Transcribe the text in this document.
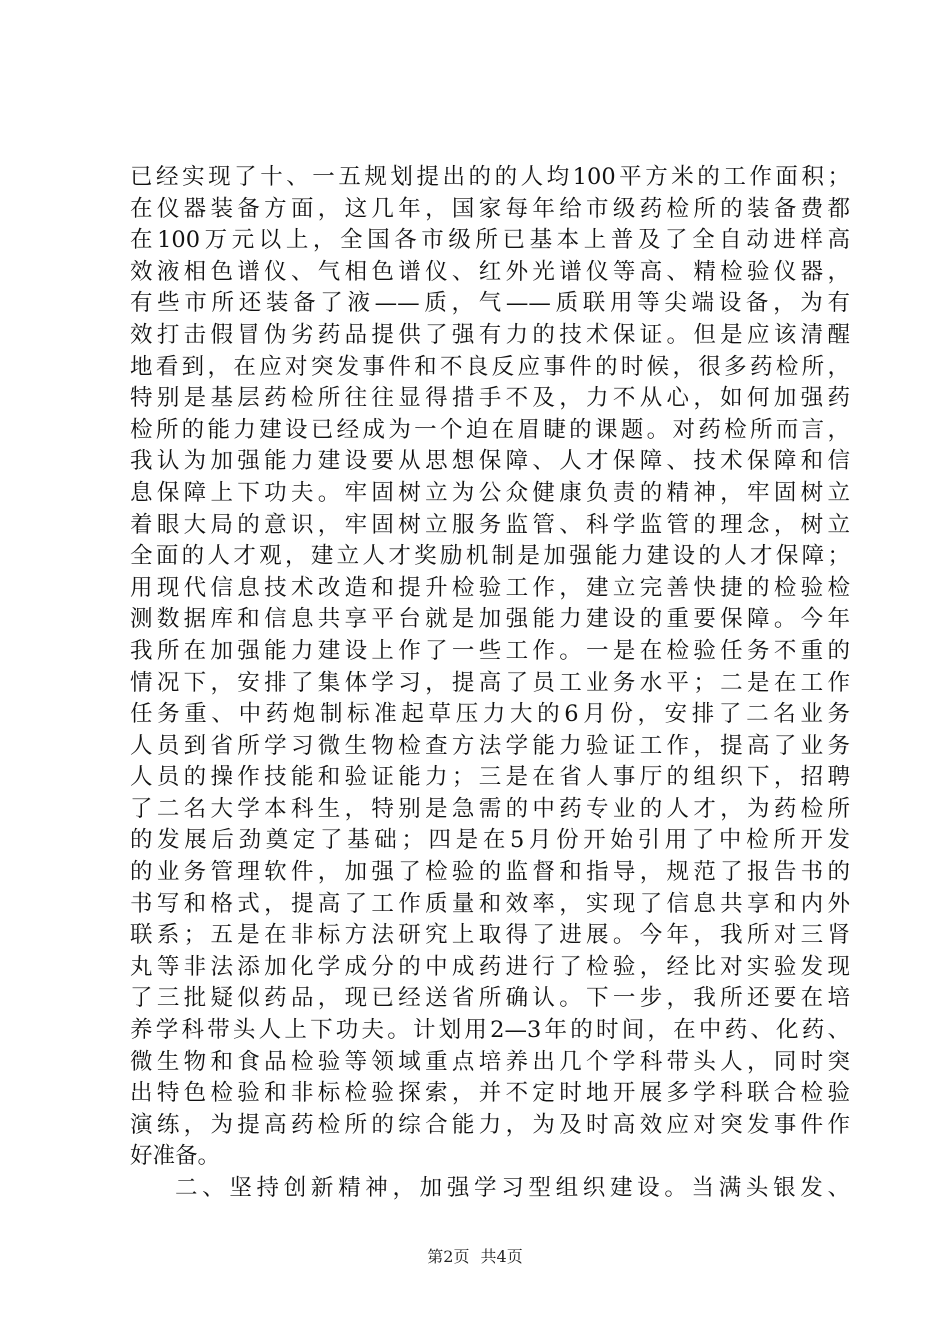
已经实现了十、一五规划提出的的人均100平方米的工作面积；
在仪器装备方面，这几年，国家每年给市级药检所的装备费都
在100万元以上，全国各市级所已基本上普及了全自动进样高
效液相色谱仪、气相色谱仪、红外光谱仪等高、精检验仪器，
有些市所还装备了液——质，气——质联用等尖端设备，为有
效打击假冒伪劣药品提供了强有力的技术保证。但是应该清醒
地看到，在应对突发事件和不良反应事件的时候，很多药检所，
特别是基层药检所往往显得措手不及，力不从心，如何加强药
检所的能力建设已经成为一个迫在眉睫的课题。对药检所而言，
我认为加强能力建设要从思想保障、人才保障、技术保障和信
息保障上下功夫。牢固树立为公众健康负责的精神，牢固树立
着眼大局的意识，牢固树立服务监管、科学监管的理念，树立
全面的人才观，建立人才奖励机制是加强能力建设的人才保障；
用现代信息技术改造和提升检验工作，建立完善快捷的检验检
测数据库和信息共享平台就是加强能力建设的重要保障。今年
我所在加强能力建设上作了一些工作。一是在检验任务不重的
情况下，安排了集体学习，提高了员工业务水平；二是在工作
任务重、中药炮制标准起草压力大的6月份，安排了二名业务
人员到省所学习微生物检查方法学能力验证工作，提高了业务
人员的操作技能和验证能力；三是在省人事厅的组织下，招聘
了二名大学本科生，特别是急需的中药专业的人才，为药检所
的发展后劲奠定了基础；四是在5月份开始引用了中检所开发
的业务管理软件，加强了检验的监督和指导，规范了报告书的
书写和格式，提高了工作质量和效率，实现了信息共享和内外
联系；五是在非标方法研究上取得了进展。今年，我所对三肾
丸等非法添加化学成分的中成药进行了检验，经比对实验发现
了三批疑似药品，现已经送省所确认。下一步，我所还要在培
养学科带头人上下功夫。计划用2—3年的时间，在中药、化药、
微生物和食品检验等领域重点培养出几个学科带头人，同时突
出特色检验和非标检验探索，并不定时地开展多学科联合检验
演练，为提高药检所的综合能力，为及时高效应对突发事件作
好准备。
二、坚持创新精神，加强学习型组织建设。当满头银发、
第2页 共4页
